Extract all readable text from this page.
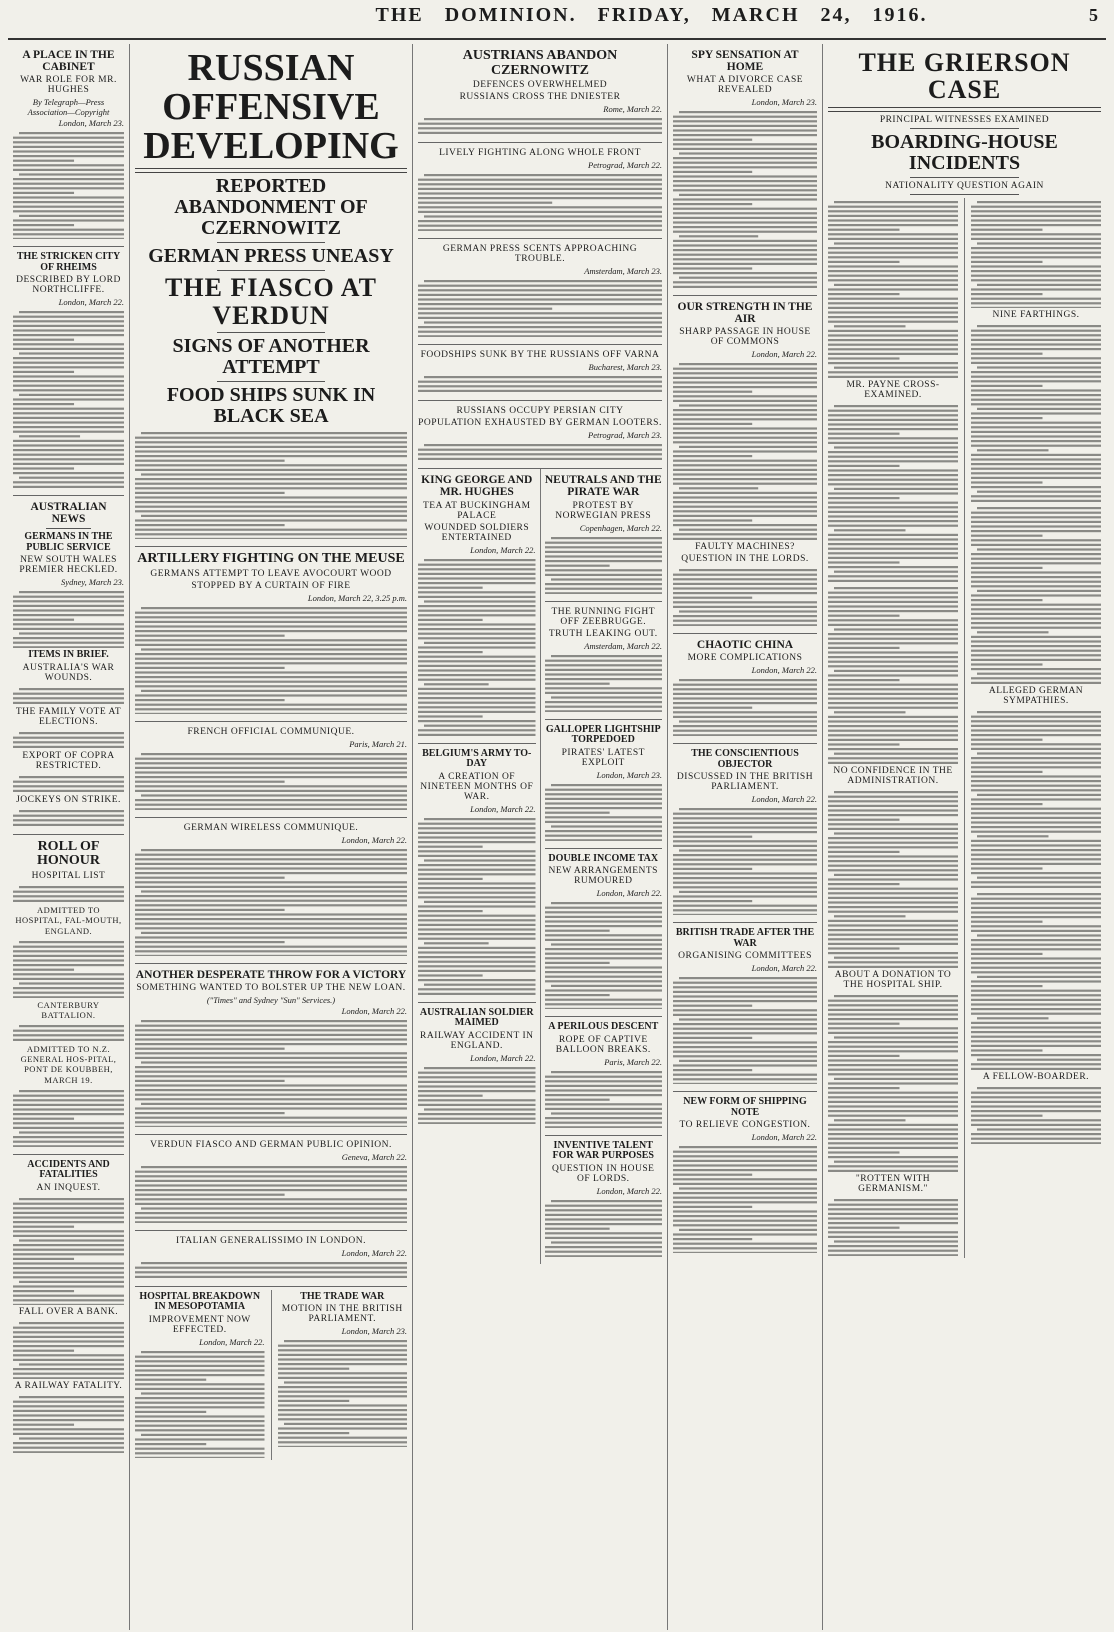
THE DOMINION. FRIDAY, MARCH 24, 1916.	5
A PLACE IN THE CABINET
WAR ROLE FOR MR. HUGHES
By Telegraph—Press Association—Copyright
London, March 23.
THE STRICKEN CITY OF RHEIMS
DESCRIBED BY LORD NORTHCLIFFE.
London, March 22.
AUSTRALIAN NEWS
GERMANS IN THE PUBLIC SERVICE
NEW SOUTH WALES PREMIER HECKLED.
Sydney, March 23.
ITEMS IN BRIEF.
AUSTRALIA'S WAR WOUNDS.
THE FAMILY VOTE AT ELECTIONS.
EXPORT OF COPRA RESTRICTED.
JOCKEYS ON STRIKE.
ROLL OF HONOUR
HOSPITAL LIST
ADMITTED TO HOSPITAL, FAL-MOUTH, ENGLAND.
CANTERBURY BATTALION.
ADMITTED TO N.Z. GENERAL HOS-PITAL, PONT DE KOUBBEH, MARCH 19.
ACCIDENTS AND FATALITIES
AN INQUEST.
FALL OVER A BANK.
A RAILWAY FATALITY.
RUSSIAN OFFENSIVE DEVELOPING
REPORTED ABANDONMENT OF CZERNOWITZ
GERMAN PRESS UNEASY
THE FIASCO AT VERDUN
SIGNS OF ANOTHER ATTEMPT
FOOD SHIPS SUNK IN BLACK SEA
ARTILLERY FIGHTING ON THE MEUSE
GERMANS ATTEMPT TO LEAVE AVOCOURT WOOD
STOPPED BY A CURTAIN OF FIRE
London, March 22, 3.25 p.m.
FRENCH OFFICIAL COMMUNIQUE.
Paris, March 21.
GERMAN WIRELESS COMMUNIQUE.
London, March 22.
ANOTHER DESPERATE THROW FOR A VICTORY
SOMETHING WANTED TO BOLSTER UP THE NEW LOAN.
("Times" and Sydney "Sun" Services.)
London, March 22.
VERDUN FIASCO AND GERMAN PUBLIC OPINION.
Geneva, March 22.
ITALIAN GENERALISSIMO IN LONDON.
London, March 22.
HOSPITAL BREAKDOWN IN MESOPOTAMIA
IMPROVEMENT NOW EFFECTED.
London, March 22.
THE TRADE WAR
MOTION IN THE BRITISH PARLIAMENT.
London, March 23.
AUSTRIANS ABANDON CZERNOWITZ
DEFENCES OVERWHELMED
RUSSIANS CROSS THE DNIESTER
Rome, March 22.
LIVELY FIGHTING ALONG WHOLE FRONT
Petrograd, March 22.
GERMAN PRESS SCENTS APPROACHING TROUBLE.
Amsterdam, March 23.
FOODSHIPS SUNK BY THE RUSSIANS OFF VARNA
Bucharest, March 23.
RUSSIANS OCCUPY PERSIAN CITY
POPULATION EXHAUSTED BY GERMAN LOOTERS.
Petrograd, March 23.
KING GEORGE AND MR. HUGHES
TEA AT BUCKINGHAM PALACE
WOUNDED SOLDIERS ENTERTAINED
London, March 22.
BELGIUM'S ARMY TO-DAY
A CREATION OF NINETEEN MONTHS OF WAR.
London, March 22.
AUSTRALIAN SOLDIER MAIMED
RAILWAY ACCIDENT IN ENGLAND.
London, March 22.
NEUTRALS AND THE PIRATE WAR
PROTEST BY NORWEGIAN PRESS
Copenhagen, March 22.
THE RUNNING FIGHT OFF ZEEBRUGGE.
TRUTH LEAKING OUT.
Amsterdam, March 22.
GALLOPER LIGHTSHIP TORPEDOED
PIRATES' LATEST EXPLOIT
London, March 23.
DOUBLE INCOME TAX
NEW ARRANGEMENTS RUMOURED
London, March 22.
A PERILOUS DESCENT
ROPE OF CAPTIVE BALLOON BREAKS.
Paris, March 22.
INVENTIVE TALENT FOR WAR PURPOSES
QUESTION IN HOUSE OF LORDS.
London, March 22.
SPY SENSATION AT HOME
WHAT A DIVORCE CASE REVEALED
London, March 23.
OUR STRENGTH IN THE AIR
SHARP PASSAGE IN HOUSE OF COMMONS
London, March 22.
FAULTY MACHINES?
QUESTION IN THE LORDS.
CHAOTIC CHINA
MORE COMPLICATIONS
London, March 22.
THE CONSCIENTIOUS OBJECTOR
DISCUSSED IN THE BRITISH PARLIAMENT.
London, March 22.
BRITISH TRADE AFTER THE WAR
ORGANISING COMMITTEES
London, March 22.
NEW FORM OF SHIPPING NOTE
TO RELIEVE CONGESTION.
London, March 22.
THE GRIERSON CASE
PRINCIPAL WITNESSES EXAMINED
BOARDING-HOUSE INCIDENTS
NATIONALITY QUESTION AGAIN
MR. PAYNE CROSS-EXAMINED.
NO CONFIDENCE IN THE ADMINISTRATION.
ABOUT A DONATION TO THE HOSPITAL SHIP.
"ROTTEN WITH GERMANISM."
NINE FARTHINGS.
ALLEGED GERMAN SYMPATHIES.
A FELLOW-BOARDER.
